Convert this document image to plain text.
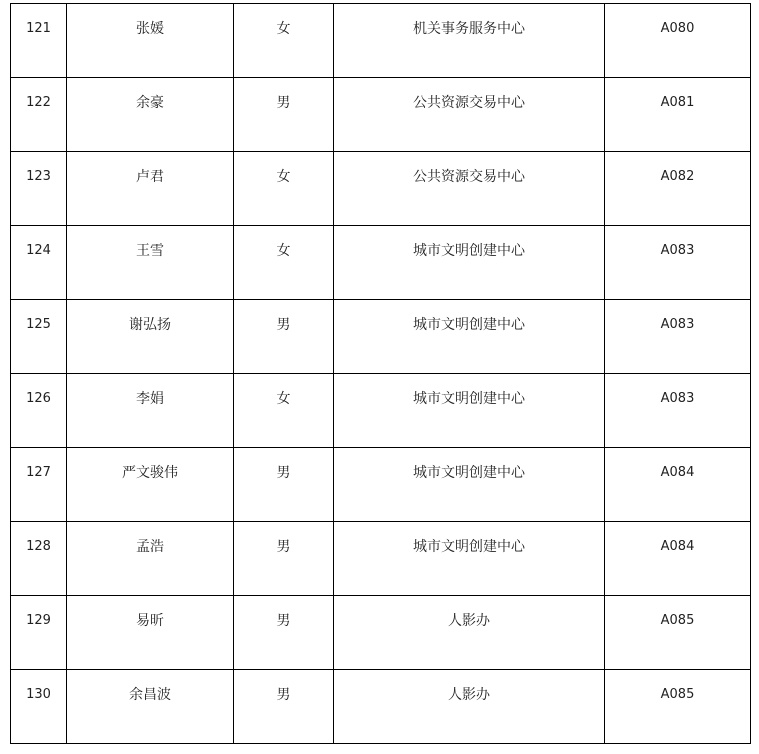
121	张媛	女	机关事务服务中心	A080

122	余豪	男	公共资源交易中心	A081

123	卢君	女	公共资源交易中心	A082

124	王雪	女	城市文明创建中心	A083

125	谢弘扬	男	城市文明创建中心	A083

126	李娟	女	城市文明创建中心	A083

127	严文骏伟	男	城市文明创建中心	A084

128	孟浩	男	城市文明创建中心	A084

129	易昕	男	人影办	A085

130	余昌波	男	人影办	A085
